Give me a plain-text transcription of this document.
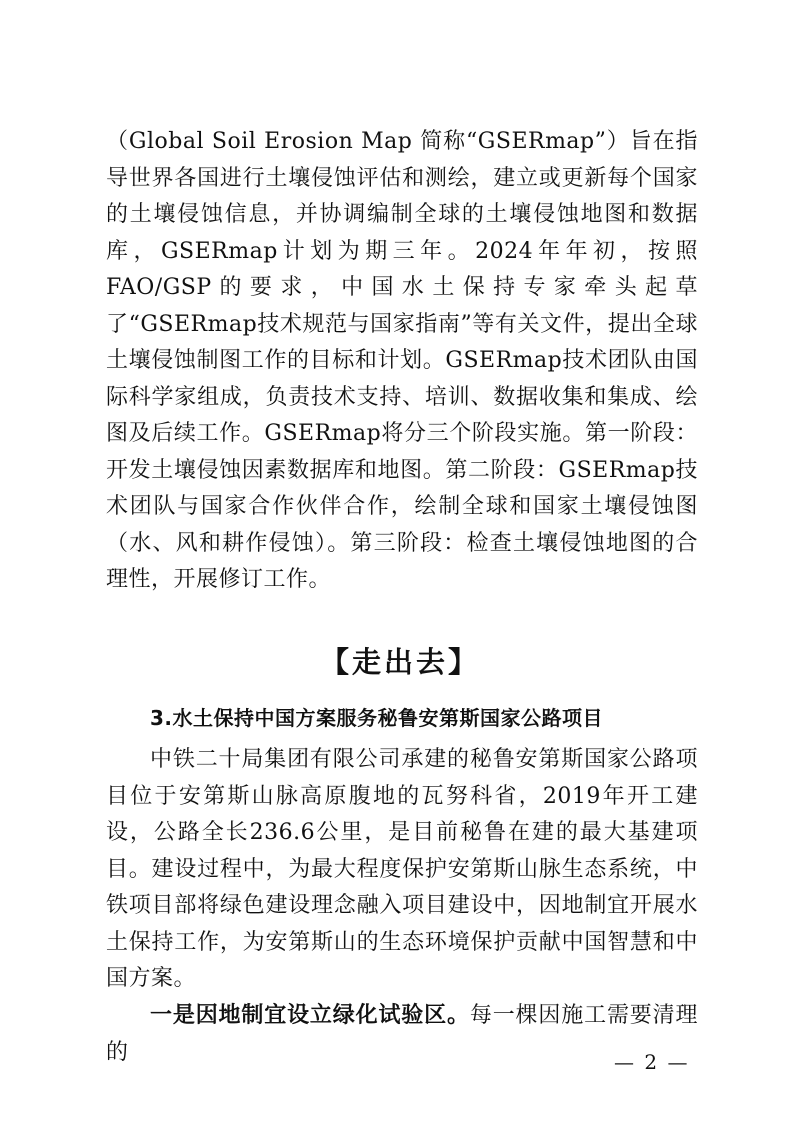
（Global Soil Erosion Map 简称“GSERmap”）旨在指导世界各国进行土壤侵蚀评估和测绘，建立或更新每个国家的土壤侵蚀信息，并协调编制全球的土壤侵蚀地图和数据库，GSERmap计划为期三年。2024年年初，按照FAO/GSP的要求，中国水土保持专家牵头起草了“GSERmap技术规范与国家指南”等有关文件，提出全球土壤侵蚀制图工作的目标和计划。GSERmap技术团队由国际科学家组成，负责技术支持、培训、数据收集和集成、绘图及后续工作。GSERmap将分三个阶段实施。第一阶段：开发土壤侵蚀因素数据库和地图。第二阶段：GSERmap技术团队与国家合作伙伴合作，绘制全球和国家土壤侵蚀图（水、风和耕作侵蚀）。第三阶段：检查土壤侵蚀地图的合理性，开展修订工作。

【走出去】
3.水土保持中国方案服务秘鲁安第斯国家公路项目

中铁二十局集团有限公司承建的秘鲁安第斯国家公路项目位于安第斯山脉高原腹地的瓦努科省，2019年开工建设，公路全长236.6公里，是目前秘鲁在建的最大基建项目。建设过程中，为最大程度保护安第斯山脉生态系统，中铁项目部将绿色建设理念融入项目建设中，因地制宜开展水土保持工作，为安第斯山的生态环境保护贡献中国智慧和中国方案。

一是因地制宜设立绿化试验区。每一棵因施工需要清理的	— 2 —
